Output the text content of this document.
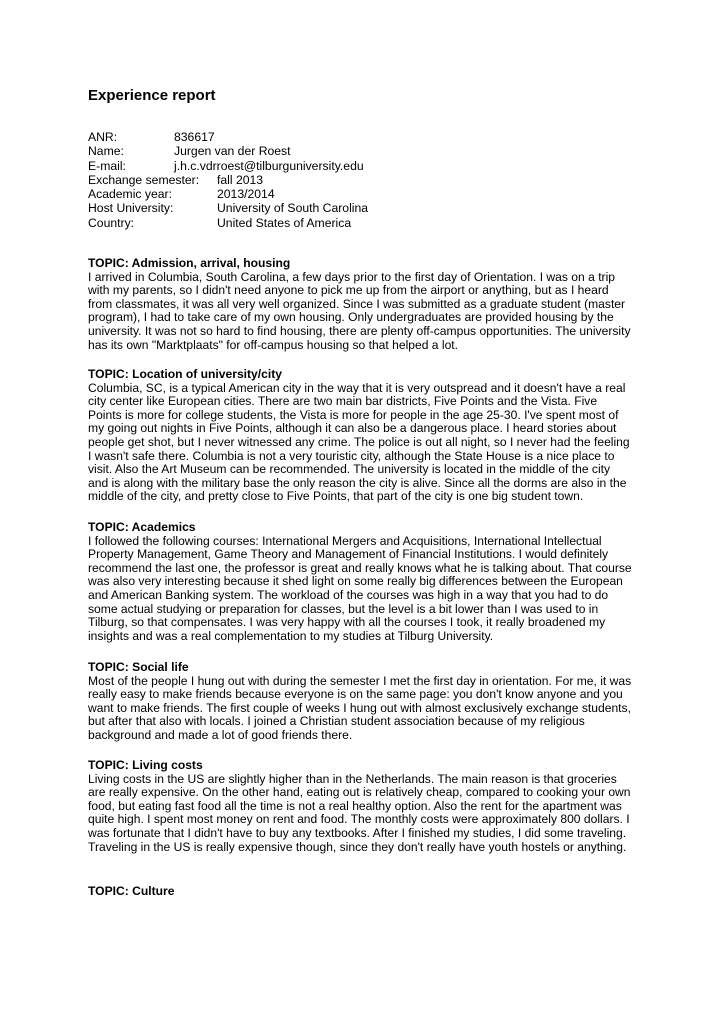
Experience report
ANR:	836617
Name:	Jurgen van der Roest
E-mail:	j.h.c.vdrroest@tilburguniversity.edu
Exchange semester: fall 2013
Academic year:	2013/2014
Host University:	University of South Carolina
Country:	United States of America
TOPIC: Admission, arrival, housing
I arrived in Columbia, South Carolina, a few days prior to the first day of Orientation. I was on a trip
with my parents, so I didn't need anyone to pick me up from the airport or anything, but as I heard
from classmates, it was all very well organized. Since I was submitted as a graduate student (master
program), I had to take care of my own housing. Only undergraduates are provided housing by the
university. It was not so hard to find housing, there are plenty off-campus opportunities. The university
has its own "Marktplaats" for off-campus housing so that helped a lot.
TOPIC: Location of university/city
Columbia, SC, is a typical American city in the way that it is very outspread and it doesn't have a real
city center like European cities. There are two main bar districts, Five Points and the Vista. Five
Points is more for college students, the Vista is more for people in the age 25-30. I've spent most of
my going out nights in Five Points, although it can also be a dangerous place. I heard stories about
people get shot, but I never witnessed any crime. The police is out all night, so I never had the feeling
I wasn't safe there. Columbia is not a very touristic city, although the State House is a nice place to
visit. Also the Art Museum can be recommended. The university is located in the middle of the city
and is along with the military base the only reason the city is alive. Since all the dorms are also in the
middle of the city, and pretty close to Five Points, that part of the city is one big student town.
TOPIC: Academics
I followed the following courses: International Mergers and Acquisitions, International Intellectual
Property Management, Game Theory and Management of Financial Institutions. I would definitely
recommend the last one, the professor is great and really knows what he is talking about. That course
was also very interesting because it shed light on some really big differences between the European
and American Banking system. The workload of the courses was high in a way that you had to do
some actual studying or preparation for classes, but the level is a bit lower than I was used to in
Tilburg, so that compensates. I was very happy with all the courses I took, it really broadened my
insights and was a real complementation to my studies at Tilburg University.
TOPIC: Social life
Most of the people I hung out with during the semester I met the first day in orientation. For me, it was
really easy to make friends because everyone is on the same page: you don't know anyone and you
want to make friends. The first couple of weeks I hung out with almost exclusively exchange students,
but after that also with locals. I joined a Christian student association because of my religious
background and made a lot of good friends there.
TOPIC: Living costs
Living costs in the US are slightly higher than in the Netherlands. The main reason is that groceries
are really expensive. On the other hand, eating out is relatively cheap, compared to cooking your own
food, but eating fast food all the time is not a real healthy option. Also the rent for the apartment was
quite high. I spent most money on rent and food. The monthly costs were approximately 800 dollars. I
was fortunate that I didn't have to buy any textbooks. After I finished my studies, I did some traveling.
Traveling in the US is really expensive though, since they don't really have youth hostels or anything.
TOPIC: Culture
